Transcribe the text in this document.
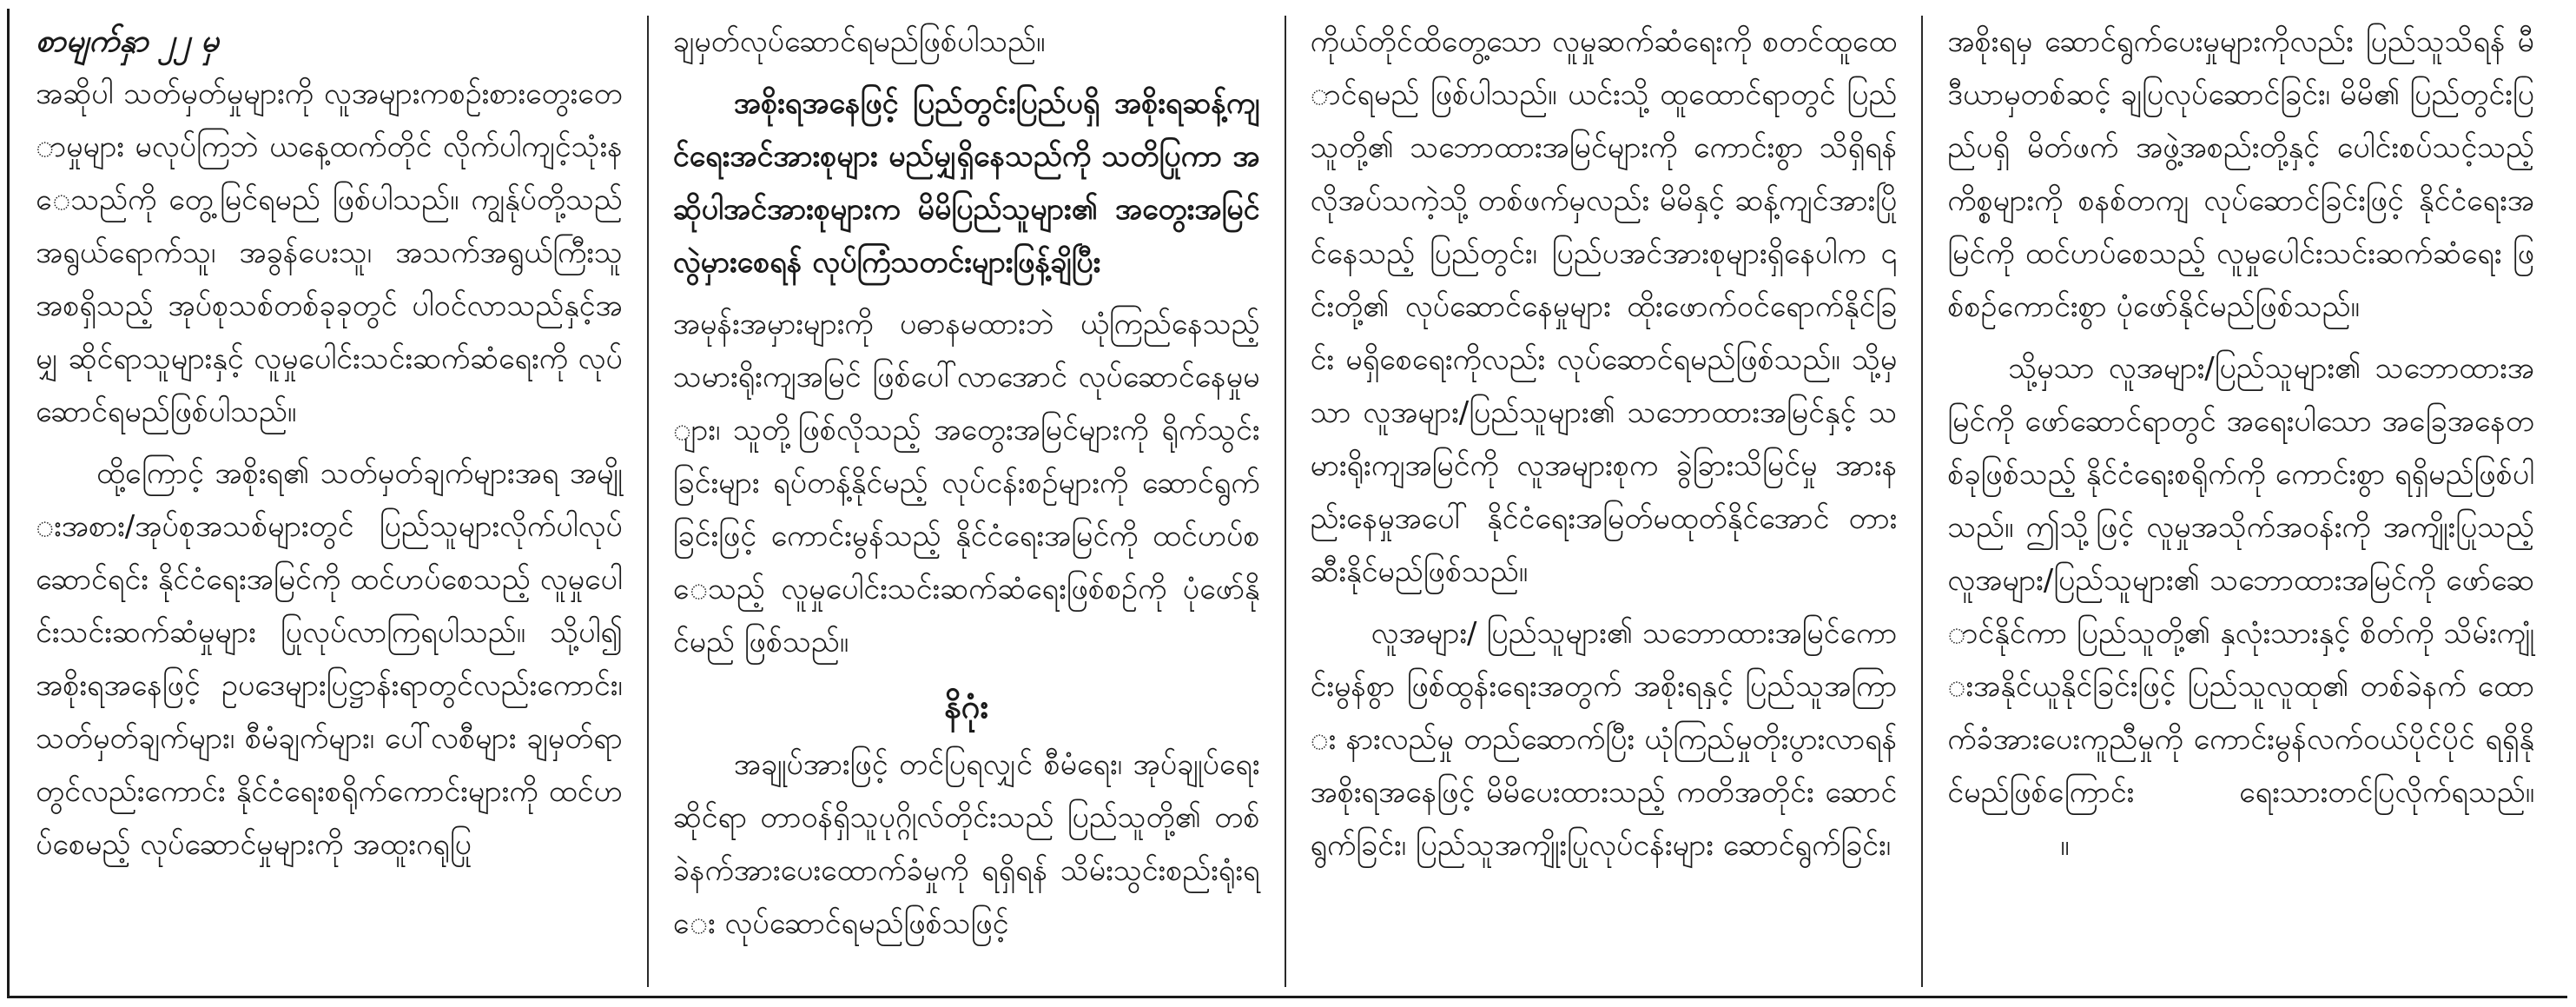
စာမျက်နှာ ၂၂ မှ

အဆိုပါ သတ်မှတ်မှုများကို လူအများကစဉ်းစားတွေးတောမှုများ မလုပ်ကြဘဲ ယနေ့ထက်တိုင် လိုက်ပါကျင့်သုံးနေသည်ကို တွေ့မြင်ရမည် ဖြစ်ပါသည်။ ကျွန်ုပ်တို့သည် အရွယ်ရောက်သူ၊ အခွန်ပေးသူ၊ အသက်အရွယ်ကြီးသူ အစရှိသည့် အုပ်စုသစ်တစ်ခုခုတွင် ပါဝင်လာသည်နှင့်အမျှ ဆိုင်ရာသူများနှင့် လူမှုပေါင်းသင်းဆက်ဆံရေးကို လုပ်ဆောင်ရမည်ဖြစ်ပါသည်။

ထို့ကြောင့် အစိုးရ၏ သတ်မှတ်ချက်များအရ အမျိုးအစား/အုပ်စုအသစ်များတွင် ပြည်သူများလိုက်ပါလုပ်ဆောင်ရင်း နိုင်ငံရေးအမြင်ကို ထင်ဟပ်စေသည့် လူမှုပေါင်းသင်းဆက်ဆံမှုများ ပြုလုပ်လာကြရပါသည်။ သို့ပါ၍ အစိုးရအနေဖြင့် ဥပဒေများပြဋ္ဌာန်းရာတွင်လည်းကောင်း၊ သတ်မှတ်ချက်များ၊ စီမံချက်များ၊ ပေါ်လစီများ ချမှတ်ရာတွင်လည်းကောင်း နိုင်ငံရေးစရိုက်ကောင်းများကို ထင်ဟပ်စေမည့် လုပ်ဆောင်မှုများကို အထူးဂရုပြု

ချမှတ်လုပ်ဆောင်ရမည်ဖြစ်ပါသည်။

အစိုးရအနေဖြင့် ပြည်တွင်းပြည်ပရှိ အစိုးရဆန့်ကျင်ရေးအင်အားစုများ မည်မျှရှိနေသည်ကို သတိပြုကာ အဆိုပါအင်အားစုများက မိမိပြည်သူများ၏ အတွေးအမြင်လွဲမှားစေရန် လုပ်ကြံသတင်းများဖြန့်ချိပြီး

အမုန်းအမှားများကို ပဓာနမထားဘဲ ယုံကြည်နေသည့် သမားရိုးကျအမြင် ဖြစ်ပေါ်လာအောင် လုပ်ဆောင်နေမှုများ၊ သူတို့ဖြစ်လိုသည့် အတွေးအမြင်များကို ရိုက်သွင်းခြင်းများ ရပ်တန့်နိုင်မည့် လုပ်ငန်းစဉ်များကို ဆောင်ရွက်ခြင်းဖြင့် ကောင်းမွန်သည့် နိုင်ငံရေးအမြင်ကို ထင်ဟပ်စေသည့် လူမှုပေါင်းသင်းဆက်ဆံရေးဖြစ်စဉ်ကို ပုံဖော်နိုင်မည် ဖြစ်သည်။

နိဂုံး

အချုပ်အားဖြင့် တင်ပြရလျှင် စီမံရေး၊ အုပ်ချုပ်ရေးဆိုင်ရာ တာဝန်ရှိသူပုဂ္ဂိုလ်တိုင်းသည် ပြည်သူတို့၏ တစ်ခဲနက်အားပေးထောက်ခံမှုကို ရရှိရန် သိမ်းသွင်းစည်းရုံးရေး လုပ်ဆောင်ရမည်ဖြစ်သဖြင့်

ကိုယ်တိုင်ထိတွေ့သော လူမှုဆက်ဆံရေးကို စတင်ထူထောင်ရမည် ဖြစ်ပါသည်။ ယင်းသို့ ထူထောင်ရာတွင် ပြည်သူတို့၏ သဘောထားအမြင်များကို ကောင်းစွာ သိရှိရန် လိုအပ်သကဲ့သို့ တစ်ဖက်မှလည်း မိမိနှင့် ဆန့်ကျင်အားပြိုင်နေသည့် ပြည်တွင်း၊ ပြည်ပအင်အားစုများရှိနေပါက ၎င်းတို့၏ လုပ်ဆောင်နေမှုများ ထိုးဖောက်ဝင်ရောက်နိုင်ခြင်း မရှိစေရေးကိုလည်း လုပ်ဆောင်ရမည်ဖြစ်သည်။ သို့မှသာ လူအများ/ပြည်သူများ၏ သဘောထားအမြင်နှင့် သမားရိုးကျအမြင်ကို လူအများစုက ခွဲခြားသိမြင်မှု အားနည်းနေမှုအပေါ် နိုင်ငံရေးအမြတ်မထုတ်နိုင်အောင် တားဆီးနိုင်မည်ဖြစ်သည်။

လူအများ/ ပြည်သူများ၏ သဘောထားအမြင်ကောင်းမွန်စွာ ဖြစ်ထွန်းရေးအတွက် အစိုးရနှင့် ပြည်သူအကြား နားလည်မှု တည်ဆောက်ပြီး ယုံကြည်မှုတိုးပွားလာရန် အစိုးရအနေဖြင့် မိမိပေးထားသည့် ကတိအတိုင်း ဆောင်ရွက်ခြင်း၊ ပြည်သူအကျိုးပြုလုပ်ငန်းများ ဆောင်ရွက်ခြင်း၊

အစိုးရမှ ဆောင်ရွက်ပေးမှုများကိုလည်း ပြည်သူသိရန် မီဒီယာမှတစ်ဆင့် ချပြလုပ်ဆောင်ခြင်း၊ မိမိ၏ ပြည်တွင်းပြည်ပရှိ မိတ်ဖက် အဖွဲ့အစည်းတို့နှင့် ပေါင်းစပ်သင့်သည့်ကိစ္စများကို စနစ်တကျ လုပ်ဆောင်ခြင်းဖြင့် နိုင်ငံရေးအမြင်ကို ထင်ဟပ်စေသည့် လူမှုပေါင်းသင်းဆက်ဆံရေး ဖြစ်စဉ်ကောင်းစွာ ပုံဖော်နိုင်မည်ဖြစ်သည်။

သို့မှသာ လူအများ/ပြည်သူများ၏ သဘောထားအမြင်ကို ဖော်ဆောင်ရာတွင် အရေးပါသော အခြေအနေတစ်ခုဖြစ်သည့် နိုင်ငံရေးစရိုက်ကို ကောင်းစွာ ရရှိမည်ဖြစ်ပါသည်။ ဤသို့ဖြင့် လူမှုအသိုက်အဝန်းကို အကျိုးပြုသည့် လူအများ/ပြည်သူများ၏ သဘောထားအမြင်ကို ဖော်ဆောင်နိုင်ကာ ပြည်သူတို့၏ နှလုံးသားနှင့် စိတ်ကို သိမ်းကျုံးအနိုင်ယူနိုင်ခြင်းဖြင့် ပြည်သူလူထု၏ တစ်ခဲနက် ထောက်ခံအားပေးကူညီမှုကို ကောင်းမွန်လက်ဝယ်ပိုင်ပိုင် ရရှိနိုင်မည်ဖြစ်ကြောင်း ရေးသားတင်ပြလိုက်ရသည်။။
